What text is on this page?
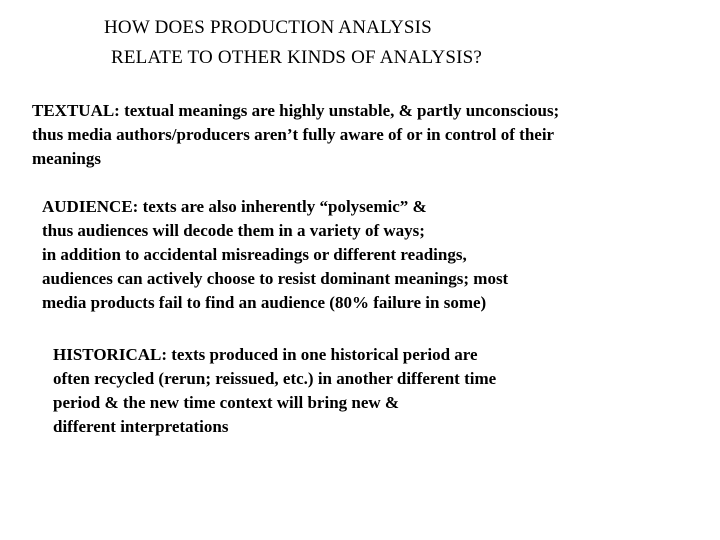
HOW DOES PRODUCTION ANALYSIS
RELATE TO OTHER KINDS OF ANALYSIS?
TEXTUAL: textual meanings are highly unstable, & partly unconscious;
thus media authors/producers aren’t fully aware of or in control of their
meanings
AUDIENCE: texts are also inherently “polysemic” &
thus audiences will decode them in a variety of ways;
in addition to accidental misreadings or different readings,
audiences can actively choose to resist dominant meanings; most
media products fail to find an audience (80% failure in some)
HISTORICAL: texts produced in one historical period are
often recycled (rerun; reissued, etc.) in another different time
period & the new time context will bring new &
different interpretations
